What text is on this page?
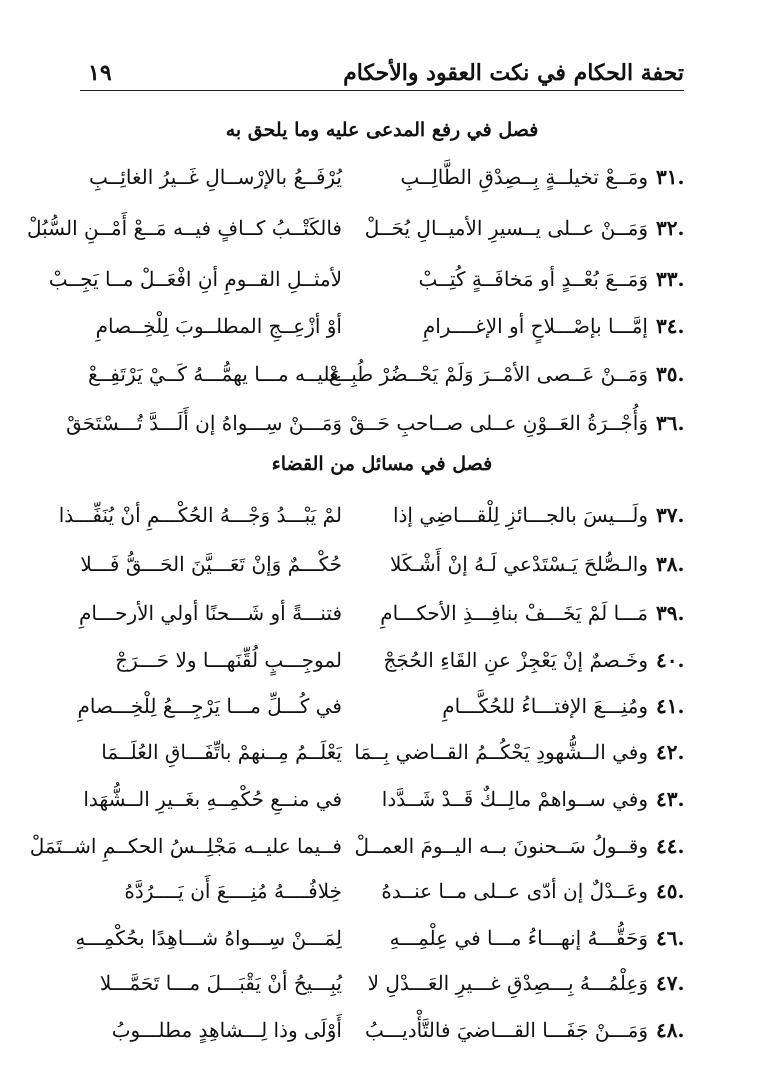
تحفة الحكام في نكت العقود والأحكام
١٩
فصل في رفع المدعى عليه وما يلحق به
٣١.
ومَــعْ تخيلــةٍ بِــصِدْقِ الطَّالِــبِ
يُرْفَــعُ بالإرْســالِ غَــيرُ الغائِــبِ
٣٢.
وَمَــنْ عــلى يــسيرِ الأميــالِ يُحَــلْ
فالكَتْــبُ كــافٍ فيــه مَــعْ أَمْــنِ السُّبُلْ
٣٣.
وَمَــعَ بُعْــدٍ أو مَخافَــةٍ كُتِــبْ
لأمثــلِ القــومِ أنِ افْعَــلْ مــا يَجِــبْ
٣٤.
إمَّـــا بإصْـــلاحٍ أو الإغــــرامِ
أوْ أزْعِــجِ المطلــوبَ لِلْخِــصامِ
٣٥.
وَمَــنْ عَــصى الأمْــرَ وَلَمْ يَحْــضُرْ طُبِــعْ
عليــه مـــا يهمُّـــهُ كَــيْ يَرْتَفِــعْ
٣٦.
وَأُجْــرَةُ العَــوْنِ عــلى صــاحبِ حَــقْ
وَمَـــنْ سِـــواهُ إن أَلَـــدَّ تُـــسْتَحَقْ
فصل في مسائل من القضاء
٣٧.
ولَـــيسَ بالجـــائزِ لِلْقـــاضِي إذا
لمْ يَبْـــدُ وَجْـــهُ الحُكْـــمِ أنْ يُنَفِّـــذا
٣٨.
والـصُّلحَ يَـسْتَدْعي لَـهُ إنْ أَشْـكَلا
حُكْـــمٌ وَإنْ تَعَـــيَّنَ الحَـــقُّ فَـــلا
٣٩.
مَـــا لَمْ يَخَـــفْ بنافِـــذِ الأحكـــامِ
فتنـــةً أو شَـــحنًا أولي الأرحـــامِ
٤٠.
وخَـصمٌ إنْ يَعْجِزْ عنِ القَاءِ الحُجَجْ
لموجِـــبٍ لُقِّنَهـــا ولا حَـــرَجْ
٤١.
ومُنِـــعَ الإفتـــاءُ للحُكَّـــامِ
في كُـــلِّ مـــا يَرْجِـــعُ لِلْخِـــصامِ
٤٢.
وفي الــشُّهودِ يَحْكُــمُ القــاضي بِــمَا
يَعْلَــمُ مِــنهمْ باتِّفَـــاقِ العُلَــمَا
٤٣.
وفي ســواهمْ مالِــكٌ قَــدْ شَــدَّدا
في منــعِ حُكْمِــهِ بغَــيرِ الــشُّهَدا
٤٤.
وقــولُ سَــحنونَ بــه اليــومَ العمــلْ
فــيما عليــه مَجْلِــسُ الحكــمِ اشــتَمَلْ
٤٥.
وعَــدْلٌ إن أدّى عــلى مــا عنــدهُ
خِلافُــــهُ مُنِــــعَ أَن يَــــرُدَّهُ
٤٦.
وَحَقُّـــهُ إنهـــاءُ مـــا في عِلْمِـــهِ
لِمَـــنْ سِـــواهُ شـــاهِدًا بحُكْمِـــهِ
٤٧.
وَعِلْمُـــهُ بِـــصِدْقِ غـــيرِ العَـــدْلِ لا
يُبِـــيحُ أنْ يَقْبَـــلَ مـــا تَحَمَّـــلا
٤٨.
وَمَـــنْ جَفَـــا القـــاضيَ فالتَّأْديـــبُ
أَوْلَى وذا لِـــشاهِدٍ مطلـــوبُ
